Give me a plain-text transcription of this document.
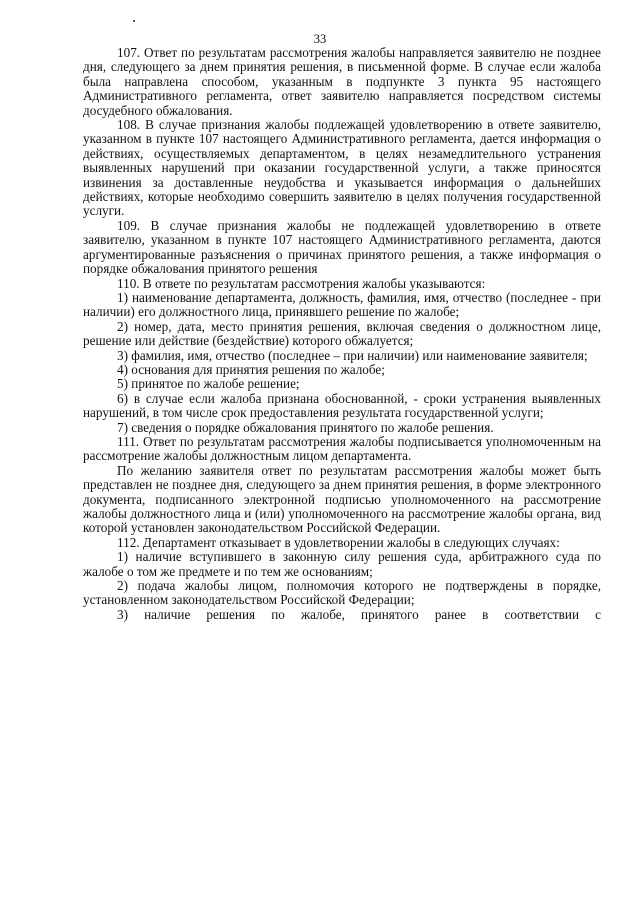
33

107. Ответ по результатам рассмотрения жалобы направляется заявителю не позднее дня, следующего за днем принятия решения, в письменной форме. В случае если жалоба была направлена способом, указанным в подпункте 3 пункта 95 настоящего Административного регламента, ответ заявителю направляется посредством системы досудебного обжалования.

108. В случае признания жалобы подлежащей удовлетворению в ответе заявителю, указанном в пункте 107 настоящего Административного регламента, дается информация о действиях, осуществляемых департаментом, в целях незамедлительного устранения выявленных нарушений при оказании государственной услуги, а также приносятся извинения за доставленные неудобства и указывается информация о дальнейших действиях, которые необходимо совершить заявителю в целях получения государственной услуги.

109. В случае признания жалобы не подлежащей удовлетворению в ответе заявителю, указанном в пункте 107 настоящего Административного регламента, даются аргументированные разъяснения о причинах принятого решения, а также информация о порядке обжалования принятого решения

110. В ответе по результатам рассмотрения жалобы указываются:

1) наименование департамента, должность, фамилия, имя, отчество (последнее - при наличии) его должностного лица, принявшего решение по жалобе;

2) номер, дата, место принятия решения, включая сведения о должностном лице, решение или действие (бездействие) которого обжалуется;

3) фамилия, имя, отчество (последнее – при наличии) или наименование заявителя;

4) основания для принятия решения по жалобе;

5) принятое по жалобе решение;

6) в случае если жалоба признана обоснованной, - сроки устранения выявленных нарушений, в том числе срок предоставления результата государственной услуги;

7) сведения о порядке обжалования принятого по жалобе решения.

111. Ответ по результатам рассмотрения жалобы подписывается уполномоченным на рассмотрение жалобы должностным лицом департамента.

По желанию заявителя ответ по результатам рассмотрения жалобы может быть представлен не позднее дня, следующего за днем принятия решения, в форме электронного документа, подписанного электронной подписью уполномоченного на рассмотрение жалобы должностного лица и (или) уполномоченного на рассмотрение жалобы органа, вид которой установлен законодательством Российской Федерации.

112. Департамент отказывает в удовлетворении жалобы в следующих случаях:

1) наличие вступившего в законную силу решения суда, арбитражного суда по жалобе о том же предмете и по тем же основаниям;

2) подача жалобы лицом, полномочия которого не подтверждены в порядке, установленном законодательством Российской Федерации;

3) наличие решения по жалобе, принятого ранее в соответствии с
